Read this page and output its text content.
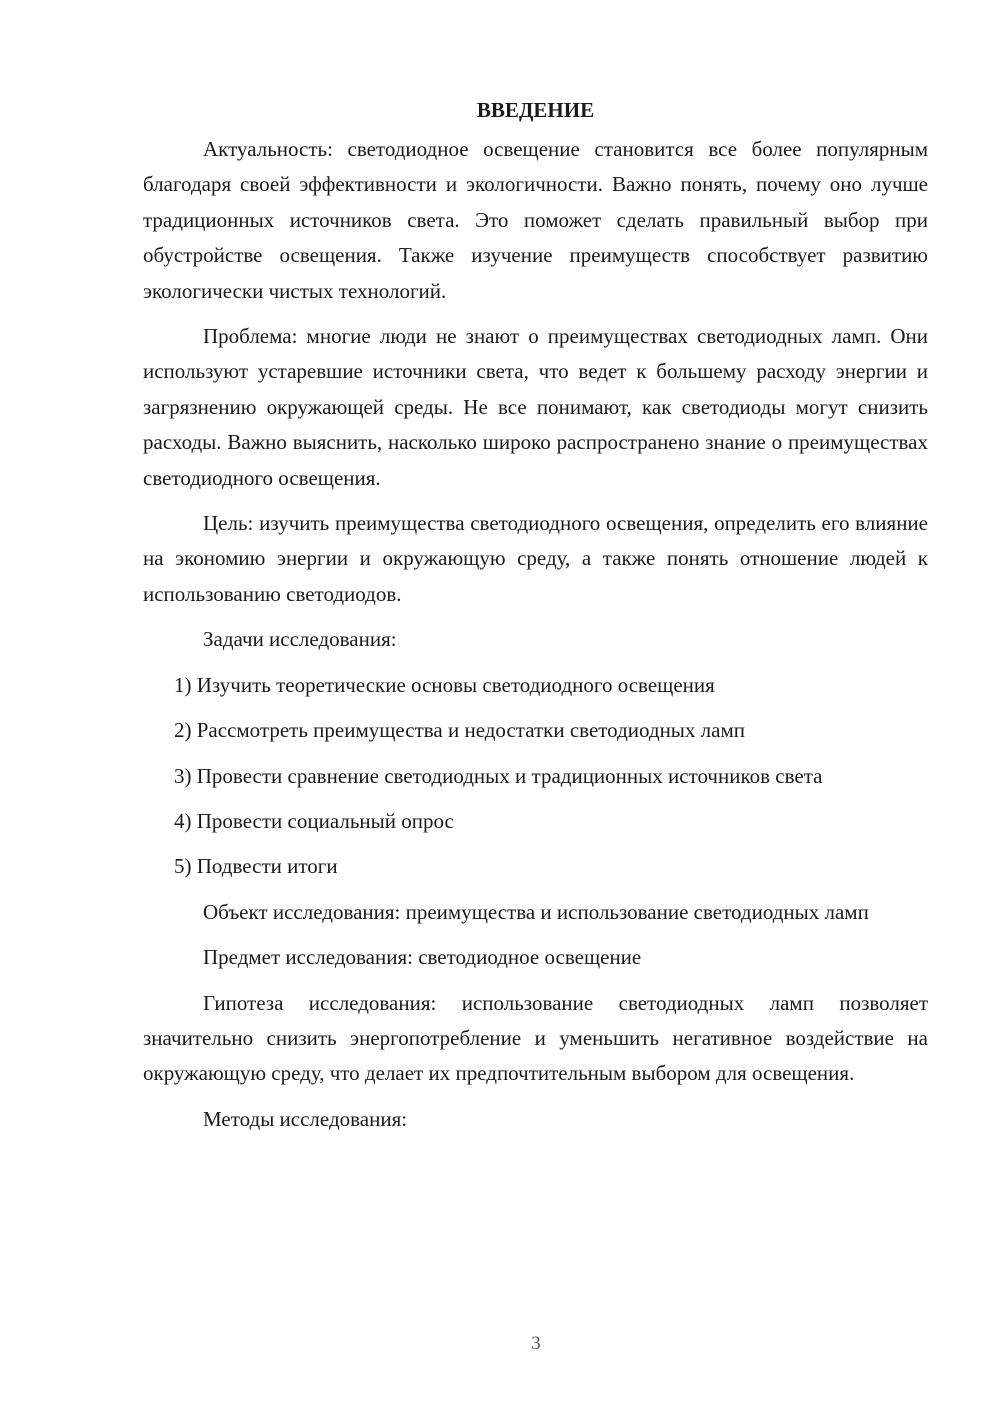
ВВЕДЕНИЕ

Актуальность: светодиодное освещение становится все более популярным благодаря своей эффективности и экологичности. Важно понять, почему оно лучше традиционных источников света. Это поможет сделать правильный выбор при обустройстве освещения. Также изучение преимуществ способствует развитию экологически чистых технологий.

Проблема: многие люди не знают о преимуществах светодиодных ламп. Они используют устаревшие источники света, что ведет к большему расходу энергии и загрязнению окружающей среды. Не все понимают, как светодиоды могут снизить расходы. Важно выяснить, насколько широко распространено знание о преимуществах светодиодного освещения.

Цель: изучить преимущества светодиодного освещения, определить его влияние на экономию энергии и окружающую среду, а также понять отношение людей к использованию светодиодов.

Задачи исследования:

1) Изучить теоретические основы светодиодного освещения

2) Рассмотреть преимущества и недостатки светодиодных ламп

3) Провести сравнение светодиодных и традиционных источников света

4) Провести социальный опрос

5) Подвести итоги

Объект исследования: преимущества и использование светодиодных ламп

Предмет исследования: светодиодное освещение

Гипотеза исследования: использование светодиодных ламп позволяет значительно снизить энергопотребление и уменьшить негативное воздействие на окружающую среду, что делает их предпочтительным выбором для освещения.

Методы исследования:

3
